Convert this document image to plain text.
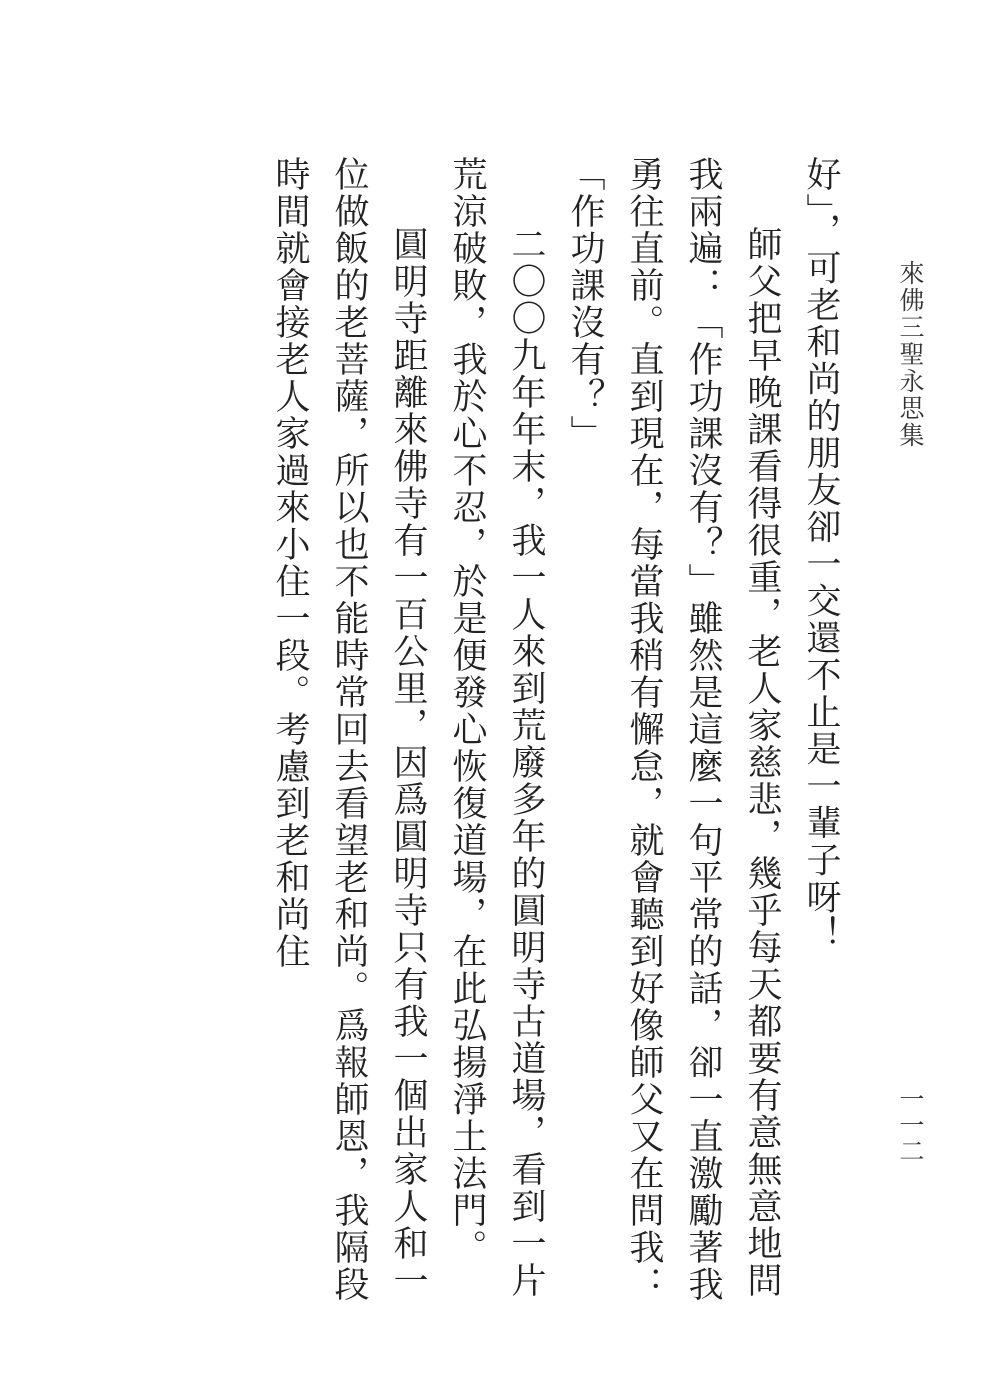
來佛三聖永思集
一一二

好」，可老和尚的朋友卻一交還不止是一輩子呀！

師父把早晚課看得很重，老人家慈悲，幾乎每天都要有意無意地問我兩遍：「作功課沒有？」雖然是這麼一句平常的話，卻一直激勵著我勇往直前。直到現在，每當我稍有懈怠，就會聽到好像師父又在問我：「作功課沒有？」

二〇〇九年年末，我一人來到荒廢多年的圓明寺古道場，看到一片荒涼破敗，我於心不忍，於是便發心恢復道場，在此弘揚淨土法門。

圓明寺距離來佛寺有一百公里，因爲圓明寺只有我一個出家人和一位做飯的老菩薩，所以也不能時常回去看望老和尚。爲報師恩，我隔段時間就會接老人家過來小住一段。考慮到老和尚住
